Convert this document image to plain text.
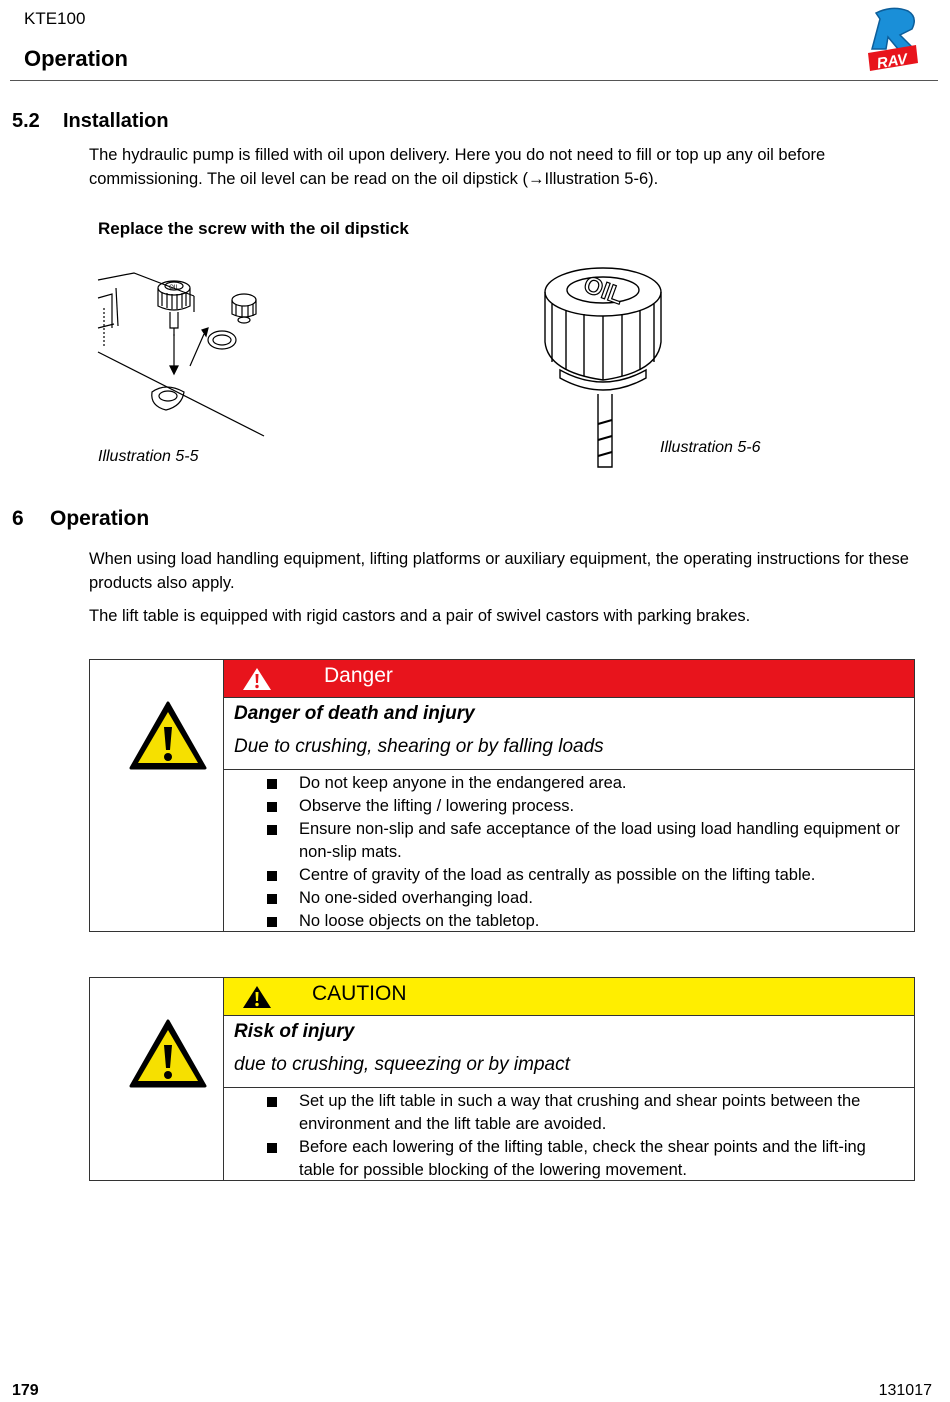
KTE100
Operation	RAV
5.2 Installation

The hydraulic pump is filled with oil upon delivery. Here you do not need to fill or top up any oil before commissioning. The oil level can be read on the oil dipstick (→Illustration 5-6).

Replace the screw with the oil dipstick
OIL
Illustration 5-5
OIL
Illustration 5-6
6 Operation

When using load handling equipment, lifting platforms or auxiliary equipment, the operating instructions for these products also apply.

The lift table is equipped with rigid castors and a pair of swivel castors with parking brakes.

Danger
Danger of death and injury
Due to crushing, shearing or by falling loads
Do not keep anyone in the endangered area.
Observe the lifting / lowering process.
Ensure non-slip and safe acceptance of the load using load handling equipment or non-slip mats.
Centre of gravity of the load as centrally as possible on the lifting table.
No one-sided overhanging load.
No loose objects on the tabletop.
CAUTION
Risk of injury
due to crushing, squeezing or by impact
Set up the lift table in such a way that crushing and shear points between the environment and the lift table are avoided.
Before each lowering of the lifting table, check the shear points and the lift-ing table for possible blocking of the lowering movement.
179	131017
